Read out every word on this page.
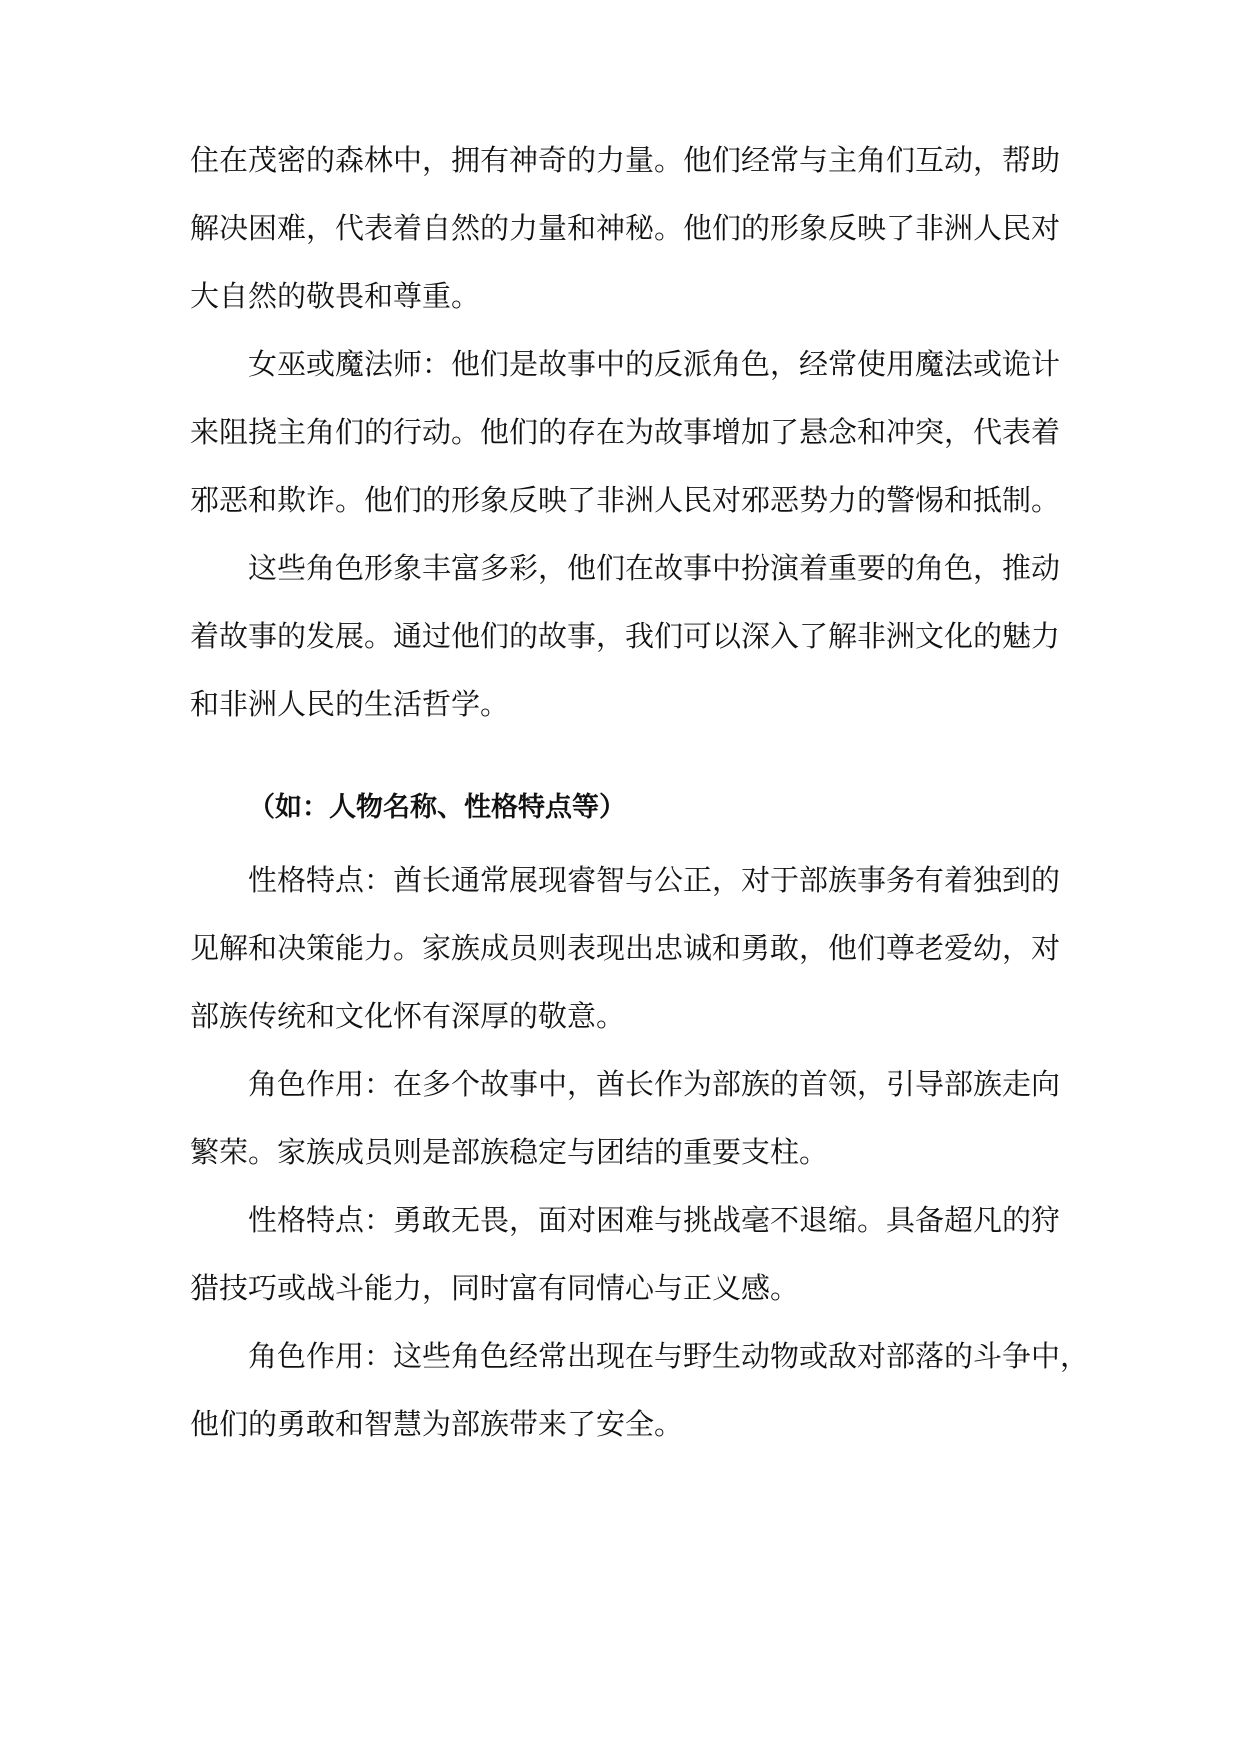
住在茂密的森林中，拥有神奇的力量。他们经常与主角们互动，帮助
解决困难，代表着自然的力量和神秘。他们的形象反映了非洲人民对
大自然的敬畏和尊重。
女巫或魔法师：他们是故事中的反派角色，经常使用魔法或诡计
来阻挠主角们的行动。他们的存在为故事增加了悬念和冲突，代表着
邪恶和欺诈。他们的形象反映了非洲人民对邪恶势力的警惕和抵制。
这些角色形象丰富多彩，他们在故事中扮演着重要的角色，推动
着故事的发展。通过他们的故事，我们可以深入了解非洲文化的魅力
和非洲人民的生活哲学。
（如：人物名称、性格特点等）
性格特点：酋长通常展现睿智与公正，对于部族事务有着独到的
见解和决策能力。家族成员则表现出忠诚和勇敢，他们尊老爱幼，对
部族传统和文化怀有深厚的敬意。
角色作用：在多个故事中，酋长作为部族的首领，引导部族走向
繁荣。家族成员则是部族稳定与团结的重要支柱。
性格特点：勇敢无畏，面对困难与挑战毫不退缩。具备超凡的狩
猎技巧或战斗能力，同时富有同情心与正义感。
角色作用：这些角色经常出现在与野生动物或敌对部落的斗争中，
他们的勇敢和智慧为部族带来了安全。
